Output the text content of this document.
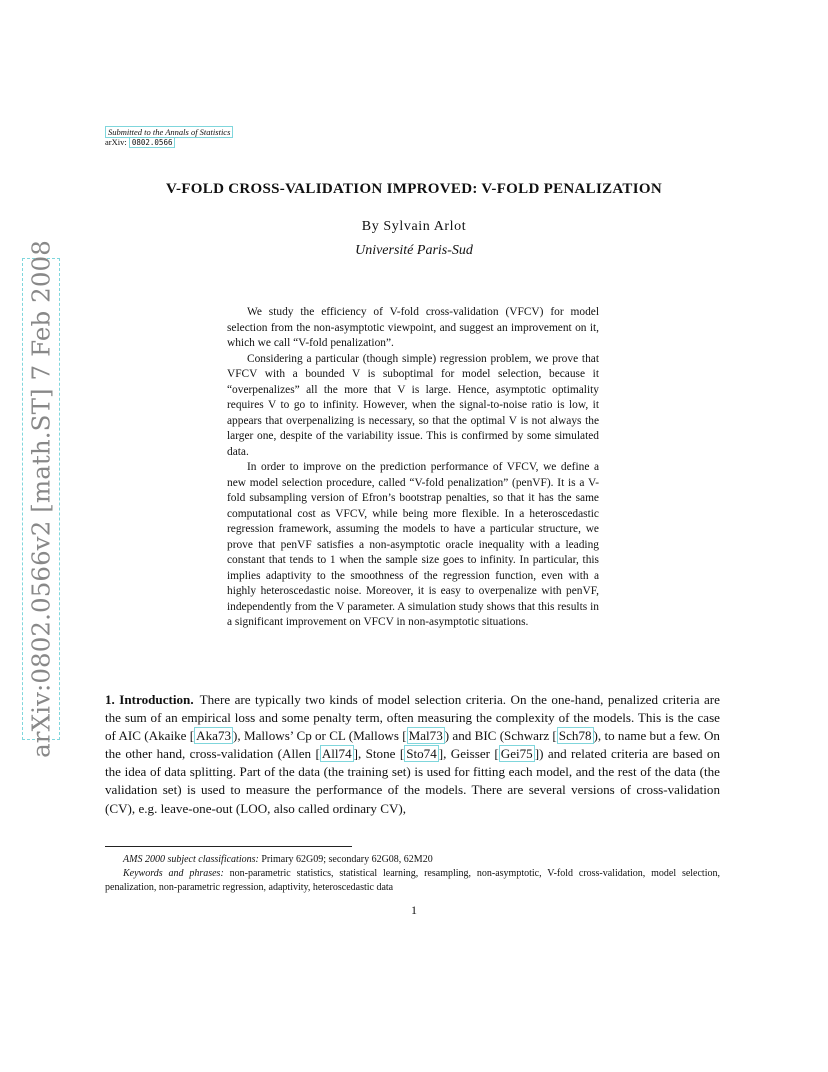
arXiv:0802.0566v2 [math.ST] 7 Feb 2008
Submitted to the Annals of Statistics
arXiv: 0802.0566
V-FOLD CROSS-VALIDATION IMPROVED: V-FOLD PENALIZATION
By Sylvain Arlot
Université Paris-Sud

We study the efficiency of V-fold cross-validation (VFCV) for model selection from the non-asymptotic viewpoint, and suggest an improvement on it, which we call “V-fold penalization”.

Considering a particular (though simple) regression problem, we prove that VFCV with a bounded V is suboptimal for model selection, because it “overpenalizes” all the more that V is large. Hence, asymptotic optimality requires V to go to infinity. However, when the signal-to-noise ratio is low, it appears that overpenalizing is necessary, so that the optimal V is not always the larger one, despite of the variability issue. This is confirmed by some simulated data.

In order to improve on the prediction performance of VFCV, we define a new model selection procedure, called “V-fold penalization” (penVF). It is a V-fold subsampling version of Efron’s bootstrap penalties, so that it has the same computational cost as VFCV, while being more flexible. In a heteroscedastic regression framework, assuming the models to have a particular structure, we prove that penVF satisfies a non-asymptotic oracle inequality with a leading constant that tends to 1 when the sample size goes to infinity. In particular, this implies adaptivity to the smoothness of the regression function, even with a highly heteroscedastic noise. Moreover, it is easy to overpenalize with penVF, independently from the V parameter. A simulation study shows that this results in a significant improvement on VFCV in non-asymptotic situations.

1. Introduction. There are typically two kinds of model selection criteria. On the one-hand, penalized criteria are the sum of an empirical loss and some penalty term, often measuring the complexity of the models. This is the case of AIC (Akaike [ Aka73 ), Mallows’ Cp or CL (Mallows [ Mal73 ) and BIC (Schwarz [ Sch78 ), to name but a few. On the other hand, cross-validation (Allen [ All74 ], Stone [ Sto74 ], Geisser [ Gei75 ]) and related criteria are based on the idea of data splitting. Part of the data (the training set) is used for fitting each model, and the rest of the data (the validation set) is used to measure the performance of the models. There are several versions of cross-validation (CV), e.g. leave-one-out (LOO, also called ordinary CV),

AMS 2000 subject classifications: Primary 62G09; secondary 62G08, 62M20

Keywords and phrases: non-parametric statistics, statistical learning, resampling, non-asymptotic, V-fold cross-validation, model selection, penalization, non-parametric regression, adaptivity, heteroscedastic data

1
